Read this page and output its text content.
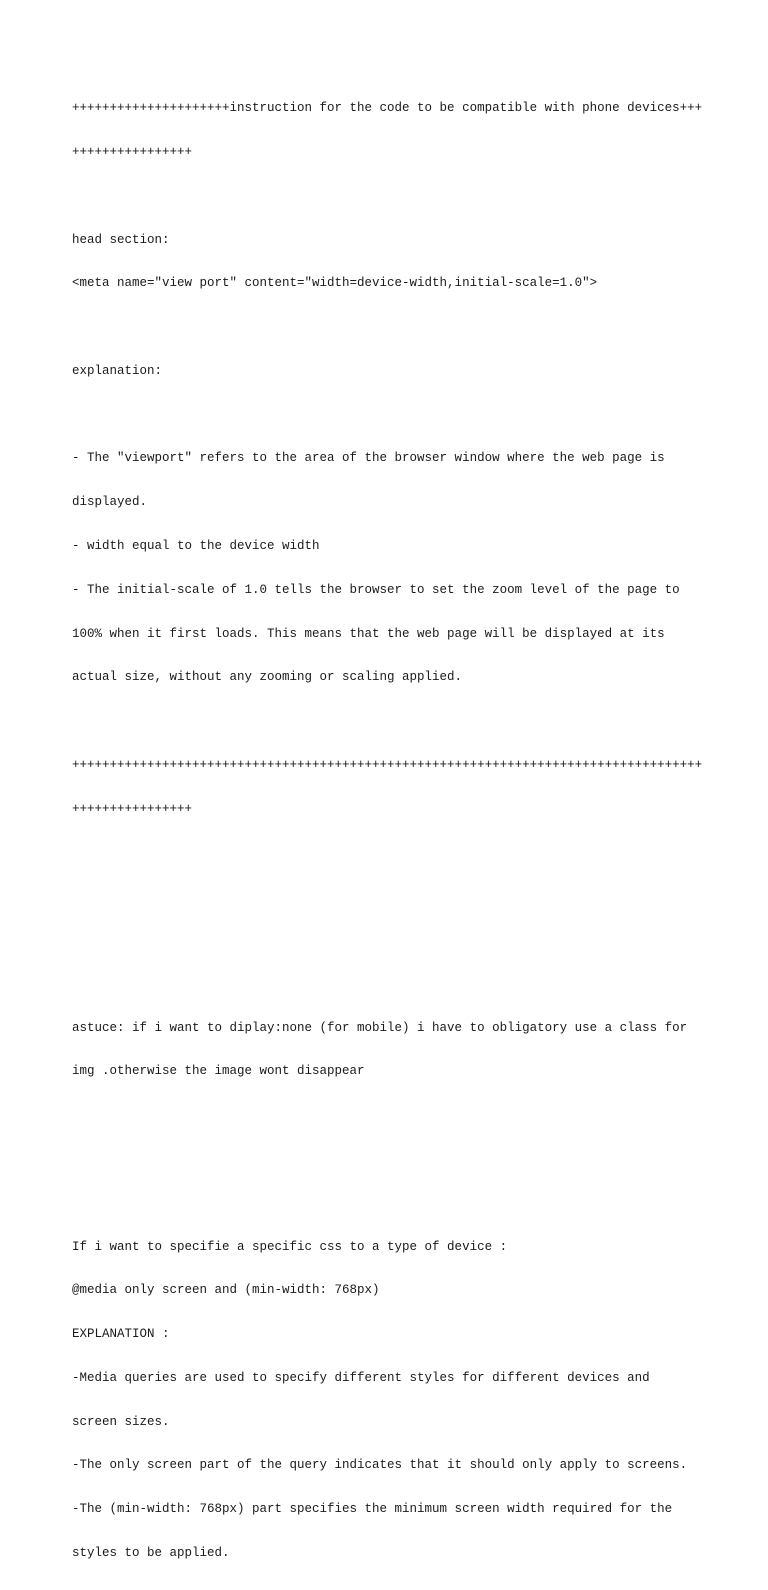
+++++++++++++++++++++instruction for the code to be compatible with phone devices+++

++++++++++++++++

head section:

<meta name="view port" content="width=device-width,initial-scale=1.0">

explanation:

- The "viewport" refers to the area of the browser window where the web page is

displayed.

- width equal to the device width

- The initial-scale of 1.0 tells the browser to set the zoom level of the page to

100% when it first loads. This means that the web page will be displayed at its

actual size, without any zooming or scaling applied.

++++++++++++++++++++++++++++++++++++++++++++++++++++++++++++++++++++++++++++++++++++

++++++++++++++++

astuce: if i want to diplay:none (for mobile) i have to obligatory use a class for

img .otherwise the image wont disappear

If i want to specifie a specific css to a type of device :

@media only screen and (min-width: 768px)

EXPLANATION :

-Media queries are used to specify different styles for different devices and

screen sizes.

-The only screen part of the query indicates that it should only apply to screens.

-The (min-width: 768px) part specifies the minimum screen width required for the

styles to be applied.
